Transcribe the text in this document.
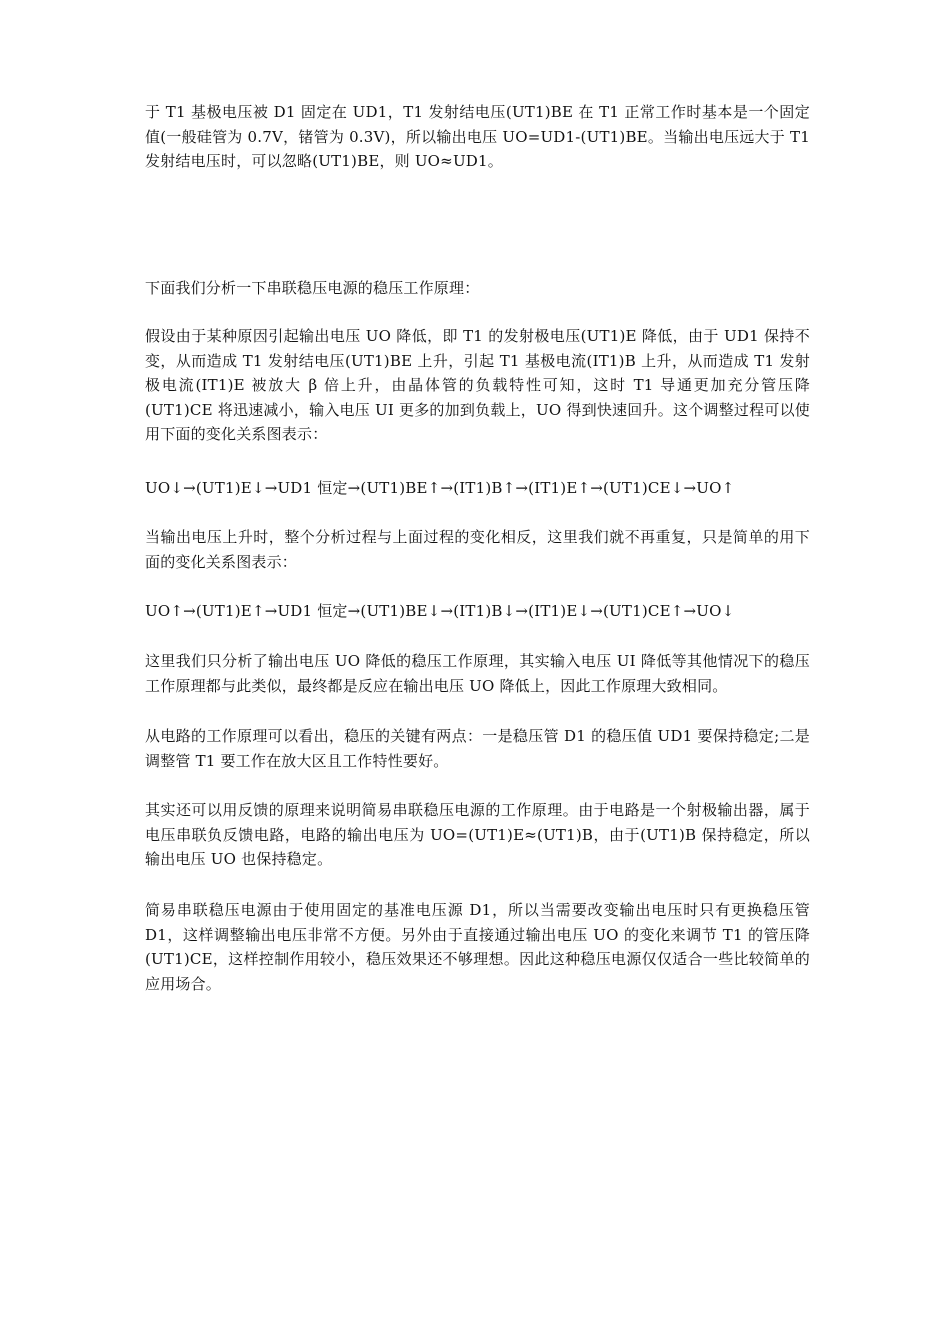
于 T1 基极电压被 D1 固定在 UD1，T1 发射结电压(UT1)BE 在 T1 正常工作时基本是一个固定值(一般硅管为 0.7V，锗管为 0.3V)，所以输出电压 UO=UD1-(UT1)BE。当输出电压远大于 T1 发射结电压时，可以忽略(UT1)BE，则 UO≈UD1。

下面我们分析一下串联稳压电源的稳压工作原理：

假设由于某种原因引起输出电压 UO 降低，即 T1 的发射极电压(UT1)E 降低，由于 UD1 保持不变，从而造成 T1 发射结电压(UT1)BE 上升，引起 T1 基极电流(IT1)B 上升，从而造成 T1 发射极电流(IT1)E 被放大 β 倍上升，由晶体管的负载特性可知，这时 T1 导通更加充分管压降(UT1)CE 将迅速减小，输入电压 UI 更多的加到负载上，UO 得到快速回升。这个调整过程可以使用下面的变化关系图表示：

UO↓→(UT1)E↓→UD1 恒定→(UT1)BE↑→(IT1)B↑→(IT1)E↑→(UT1)CE↓→UO↑

当输出电压上升时，整个分析过程与上面过程的变化相反，这里我们就不再重复，只是简单的用下面的变化关系图表示：

UO↑→(UT1)E↑→UD1 恒定→(UT1)BE↓→(IT1)B↓→(IT1)E↓→(UT1)CE↑→UO↓

这里我们只分析了输出电压 UO 降低的稳压工作原理，其实输入电压 UI 降低等其他情况下的稳压工作原理都与此类似，最终都是反应在输出电压 UO 降低上，因此工作原理大致相同。

从电路的工作原理可以看出，稳压的关键有两点：一是稳压管 D1 的稳压值 UD1 要保持稳定;二是调整管 T1 要工作在放大区且工作特性要好。

其实还可以用反馈的原理来说明简易串联稳压电源的工作原理。由于电路是一个射极输出器，属于电压串联负反馈电路，电路的输出电压为 UO=(UT1)E≈(UT1)B，由于(UT1)B 保持稳定，所以输出电压 UO 也保持稳定。

简易串联稳压电源由于使用固定的基准电压源 D1，所以当需要改变输出电压时只有更换稳压管 D1，这样调整输出电压非常不方便。另外由于直接通过输出电压 UO 的变化来调节 T1 的管压降(UT1)CE，这样控制作用较小，稳压效果还不够理想。因此这种稳压电源仅仅适合一些比较简单的应用场合。
